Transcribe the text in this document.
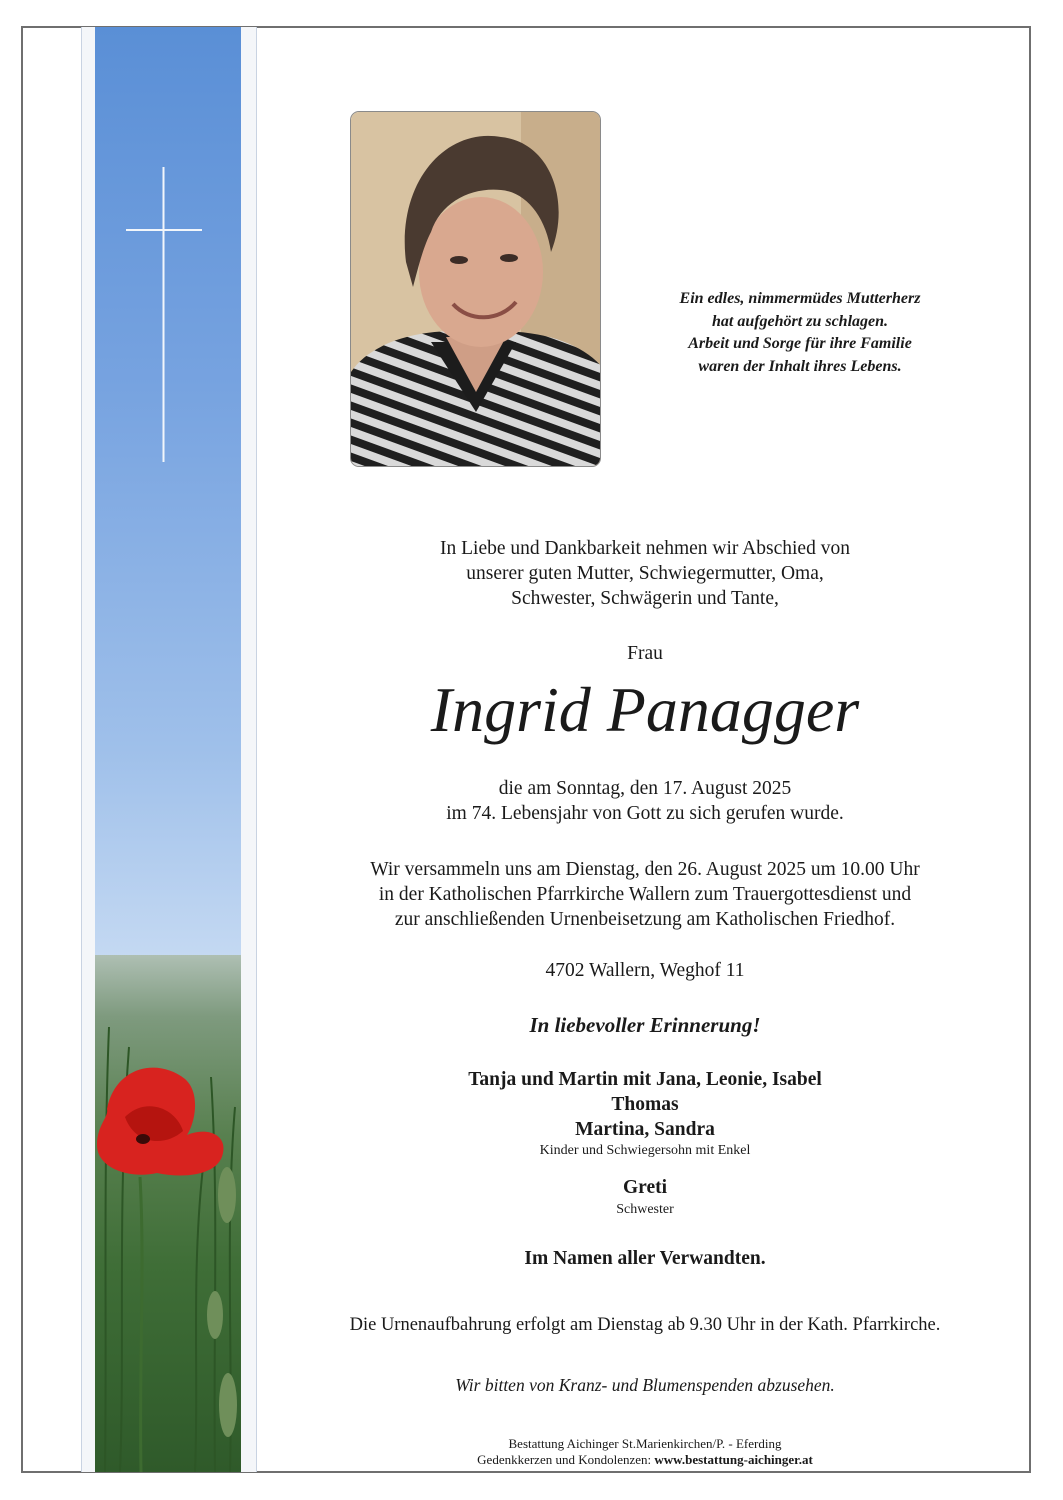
Ein edles, nimmermüdes Mutterherz
hat aufgehört zu schlagen.
Arbeit und Sorge für ihre Familie
waren der Inhalt ihres Lebens.
In Liebe und Dankbarkeit nehmen wir Abschied von
unserer guten Mutter, Schwiegermutter, Oma,
Schwester, Schwägerin und Tante,
Frau
Ingrid Panagger
die am Sonntag, den 17. August 2025
im 74. Lebensjahr von Gott zu sich gerufen wurde.
Wir versammeln uns am Dienstag, den 26. August 2025 um 10.00 Uhr
in der Katholischen Pfarrkirche Wallern zum Trauergottesdienst und
zur anschließenden Urnenbeisetzung am Katholischen Friedhof.
4702 Wallern, Weghof 11
In liebevoller Erinnerung!
Tanja und Martin mit Jana, Leonie, Isabel
Thomas
Martina, Sandra
Kinder und Schwiegersohn mit Enkel
Greti
Schwester
Im Namen aller Verwandten.
Die Urnenaufbahrung erfolgt am Dienstag ab 9.30 Uhr in der Kath. Pfarrkirche.
Wir bitten von Kranz- und Blumenspenden abzusehen.
Bestattung Aichinger St.Marienkirchen/P. - Eferding
Gedenkkerzen und Kondolenzen: www.bestattung-aichinger.at
